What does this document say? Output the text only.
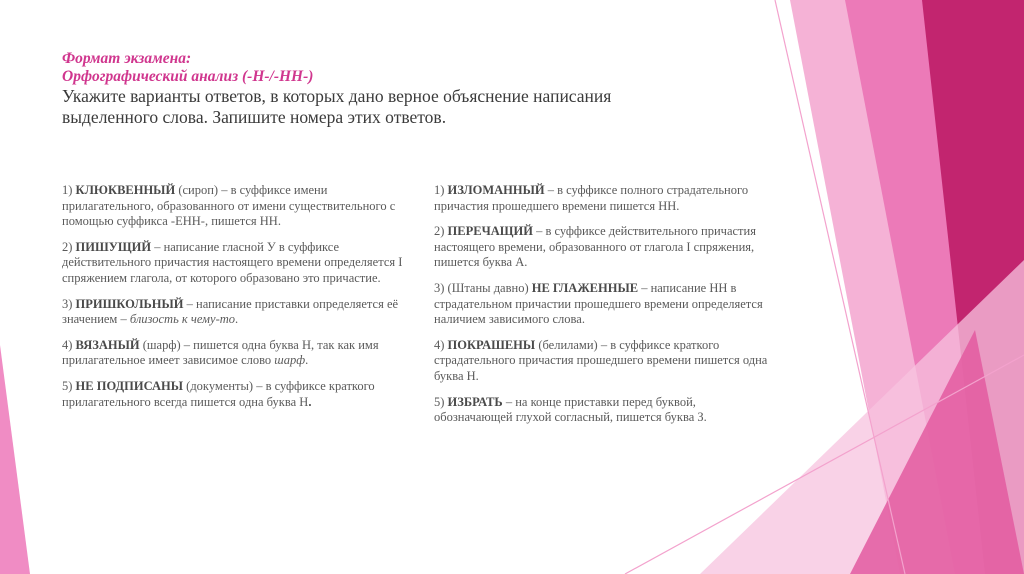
Формат экзамена:
Орфографический анализ (-Н-/-НН-)
Укажите варианты ответов, в которых дано верное объяснение написания выделенного слова. Запишите номера этих ответов.
1) КЛЮКВЕННЫЙ (сироп) – в суффиксе имени прилагательного, образованного от имени существительного с помощью суффикса -ЕНН-, пишется НН.
2) ПИШУЩИЙ – написание гласной У в суффиксе действительного причастия настоящего времени определяется I спряжением глагола, от которого образовано это причастие.
3) ПРИШКОЛЬНЫЙ – написание приставки определяется её значением – близость к чему-то.
4) ВЯЗАНЫЙ (шарф) – пишется одна буква Н, так как имя прилагательное имеет зависимое слово шарф.
5) НЕ ПОДПИСАНЫ (документы) – в суффиксе краткого прилагательного всегда пишется одна буква Н.
1) ИЗЛОМАННЫЙ – в суффиксе полного страдательного причастия прошедшего времени пишется НН.
2) ПЕРЕЧАЩИЙ – в суффиксе действительного причастия настоящего времени, образованного от глагола I спряжения, пишется буква А.
3) (Штаны давно) НЕ ГЛАЖЕННЫЕ – написание НН в страдательном причастии прошедшего времени определяется наличием зависимого слова.
4) ПОКРАШЕНЫ (белилами) – в суффиксе краткого страдательного причастия прошедшего времени пишется одна буква Н.
5) ИЗБРАТЬ – на конце приставки перед буквой, обозначающей глухой согласный, пишется буква З.
